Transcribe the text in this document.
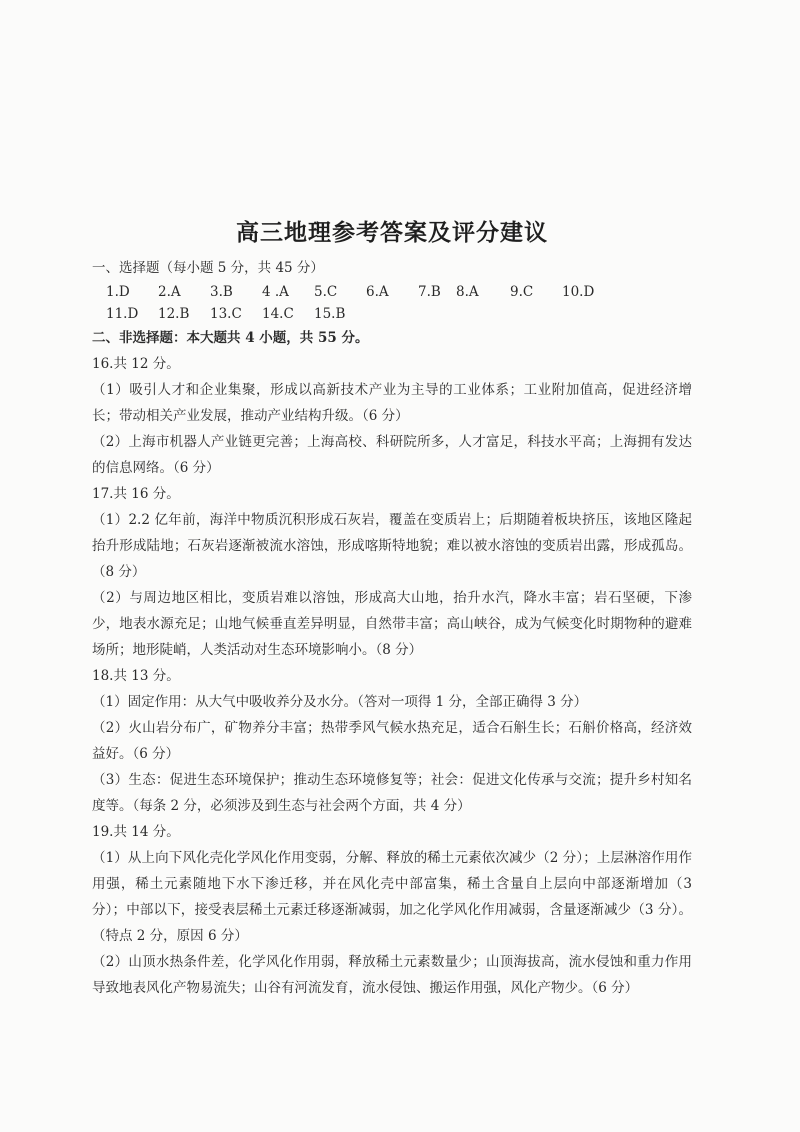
高三地理参考答案及评分建议
一、选择题（每小题 5 分，共 45 分）
1.D	2.A	3.B	4 .A	5.C	6.A	7.B	8.A	9.C	10.D
11.D	12.B	13.C	14.C	15.B
二、非选择题：本大题共 4 小题，共 55 分。
16.共 12 分。

（1）吸引人才和企业集聚，形成以高新技术产业为主导的工业体系；工业附加值高，促进经济增长；带动相关产业发展，推动产业结构升级。（6 分）

（2）上海市机器人产业链更完善；上海高校、科研院所多，人才富足，科技水平高；上海拥有发达的信息网络。（6 分）

17.共 16 分。

（1）2.2 亿年前，海洋中物质沉积形成石灰岩，覆盖在变质岩上；后期随着板块挤压，该地区隆起抬升形成陆地；石灰岩逐渐被流水溶蚀，形成喀斯特地貌；难以被水溶蚀的变质岩出露，形成孤岛。（8 分）

（2）与周边地区相比，变质岩难以溶蚀，形成高大山地，抬升水汽，降水丰富；岩石坚硬，下渗少，地表水源充足；山地气候垂直差异明显，自然带丰富；高山峡谷，成为气候变化时期物种的避难场所；地形陡峭，人类活动对生态环境影响小。（8 分）

18.共 13 分。

（1）固定作用：从大气中吸收养分及水分。（答对一项得 1 分，全部正确得 3 分）

（2）火山岩分布广，矿物养分丰富；热带季风气候水热充足，适合石斛生长；石斛价格高，经济效益好。（6 分）

（3）生态：促进生态环境保护；推动生态环境修复等；社会：促进文化传承与交流；提升乡村知名度等。（每条 2 分，必须涉及到生态与社会两个方面，共 4 分）

19.共 14 分。

（1）从上向下风化壳化学风化作用变弱，分解、释放的稀土元素依次减少（2 分）；上层淋溶作用作用强，稀土元素随地下水下渗迁移，并在风化壳中部富集，稀土含量自上层向中部逐渐增加（3 分）；中部以下，接受表层稀土元素迁移逐渐减弱，加之化学风化作用减弱，含量逐渐减少（3 分）。（特点 2 分，原因 6 分）

（2）山顶水热条件差，化学风化作用弱，释放稀土元素数量少；山顶海拔高，流水侵蚀和重力作用导致地表风化产物易流失；山谷有河流发育，流水侵蚀、搬运作用强，风化产物少。（6 分）
